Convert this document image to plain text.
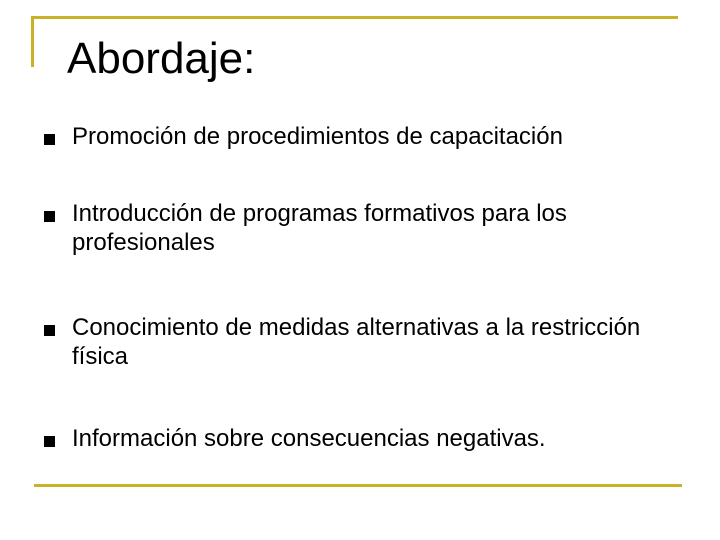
Abordaje:
Promoción de procedimientos de capacitación
Introducción de programas formativos para los profesionales
Conocimiento de medidas alternativas a la restricción física
Información sobre consecuencias negativas.
